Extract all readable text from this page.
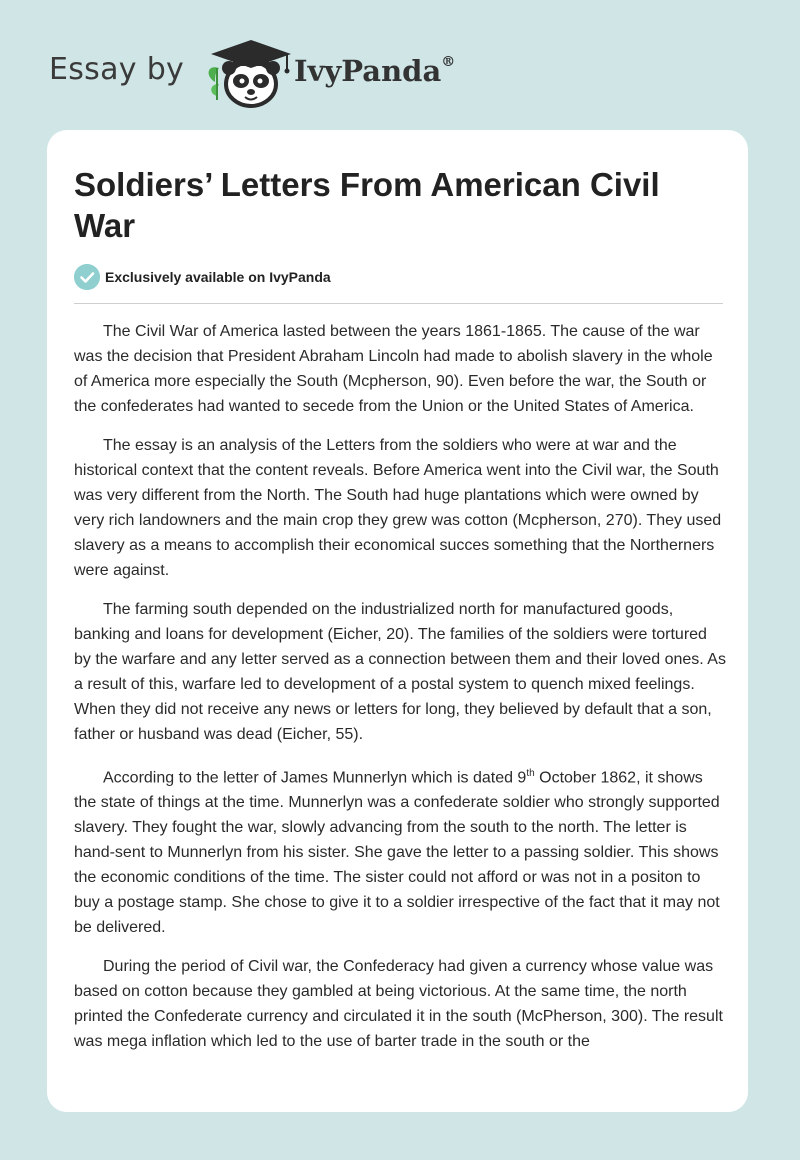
Essay by	IvyPanda®
Soldiers’ Letters From American Civil War
Exclusively available on IvyPanda

The Civil War of America lasted between the years 1861-1865. The cause of the war was the decision that President Abraham Lincoln had made to abolish slavery in the whole of America more especially the South (Mcpherson, 90). Even before the war, the South or the confederates had wanted to secede from the Union or the United States of America.

The essay is an analysis of the Letters from the soldiers who were at war and the historical context that the content reveals. Before America went into the Civil war, the South was very different from the North. The South had huge plantations which were owned by very rich landowners and the main crop they grew was cotton (Mcpherson, 270). They used slavery as a means to accomplish their economical succes something that the Northerners were against.

The farming south depended on the industrialized north for manufactured goods, banking and loans for development (Eicher, 20). The families of the soldiers were tortured by the warfare and any letter served as a connection between them and their loved ones. As a result of this, warfare led to development of a postal system to quench mixed feelings. When they did not receive any news or letters for long, they believed by default that a son, father or husband was dead (Eicher, 55).

According to the letter of James Munnerlyn which is dated 9th October 1862, it shows the state of things at the time. Munnerlyn was a confederate soldier who strongly supported slavery. They fought the war, slowly advancing from the south to the north. The letter is hand-sent to Munnerlyn from his sister. She gave the letter to a passing soldier. This shows the economic conditions of the time. The sister could not afford or was not in a positon to buy a postage stamp. She chose to give it to a soldier irrespective of the fact that it may not be delivered.

During the period of Civil war, the Confederacy had given a currency whose value was based on cotton because they gambled at being victorious. At the same time, the north printed the Confederate currency and circulated it in the south (McPherson, 300). The result was mega inflation which led to the use of barter trade in the south or the
